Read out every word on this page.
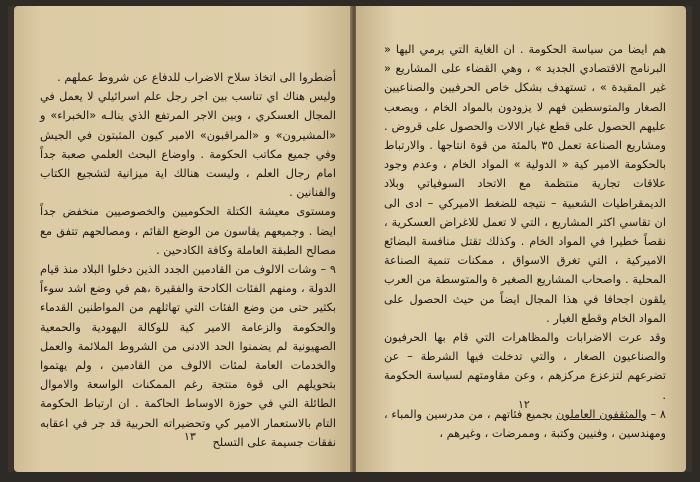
أضطروا الى اتخاذ سلاح الاضراب للدفاع عن شروط عملهم .

وليس هناك اي تناسب بين اجر رجل علم اسرائيلي لا يعمل في المجال العسكري ، وبين الاجر المرتفع الذي ينالـه «الخبراء» و «المشيرون» و «المراقبون» الامير كيون المثبتون في الجيش وفي جميع مكاتب الحكومة . واوضاع البحث العلمي صعبة جداً امام رجال العلم ، وليست هنالك اية ميزانية لتشجيع الكتاب والفنانين .

ومستوى معيشة الكتلة الحكوميين والخصوصيين منخفض جداً ايضا . وجميعهم يقاسون من الوضع القائم ، ومصالحهم تتفق مع مصالح الطبقة العاملة وكافة الكادحين .

٩ – وشات الالوف من القادمين الجدد الذين دخلوا البلاد منذ قيام الدولة ، ومنهم الفئات الكادحة والفقيرة ،هم في وضع اشد سوءاً بكثير حتى من وضع الفئات التي تهاثلهم من المواطنين القدماء والحكومة والزعامة الامير كية للوكالة اليهودية والحمعية الصهيونية لم يضمنوا الحد الادنى من الشروط الملائمة والعمل والخدمات العامة لمئات الالوف من القادمين ، ولم يهتموا بتحويلهم الى قوة منتجة رغم الممكنات الواسعة والاموال الطائلة التي في حوزة الاوساط الحاكمة . ان ارتباط الحكومة التام بالاستعمار الامير كي وتحضيراته الحربية قد جر في اعقابه نفقات جسيمة على التسلح

١٣

هم ايضا من سياسة الحكومة . ان الغاية التي يرمي اليها « البرنامج الاقتصادي الجديد » ، وهي القضاء على المشاريع « غير المقيدة » ، تستهدف بشكل خاص الحرفيين والصناعيين الصغار والمتوسطين فهم لا يزودون بالمواد الخام ، ويصعب عليهم الحصول على قطع غيار الالات والحصول على قروض . ومشاريع الصناعة تعمل ٣٥ بالمئة من قوة انتاجها . والارتباط بالحكومة الامير كية « الدولية » المواد الخام ، وعدم وجود علاقات تجارية منتظمة مع الاتحاد السوفياتي وبلاد الديمقراطيات الشعبية – نتيجه للضغط الاميركي – ادى الى ان تقاسي اكثر المشاريع ، التي لا تعمل للاغراض العسكرية ، نقصاً خطيرا في المواد الخام . وكذلك تقتل منافسة البضائع الاميركية ، التي تغرق الاسواق ، ممكنات تنمية الصناعة المحلية . واصحاب المشاريع الصغير ة والمتوسطة من العرب يلقون اجحافا في هذا المجال ايضاً من حيث الحصول على المواد الخام وقطع الغيار .

وقد عرت الاضرابات والمظاهرات التي قام بها الحرفيون والصناعيون الصغار ، والتي تدخلت فيها الشرطة – عن تضرعهم لتزعزع مركزهم ، وعن مقاومتهم لسياسة الحكومة .

٨ – والمثقفون العاملون بجميع فئاتهم ، من مدرسين والمباء ، ومهندسين ، وفنيين وكتبة ، وممرضات ، وغيرهم ،

١٢
